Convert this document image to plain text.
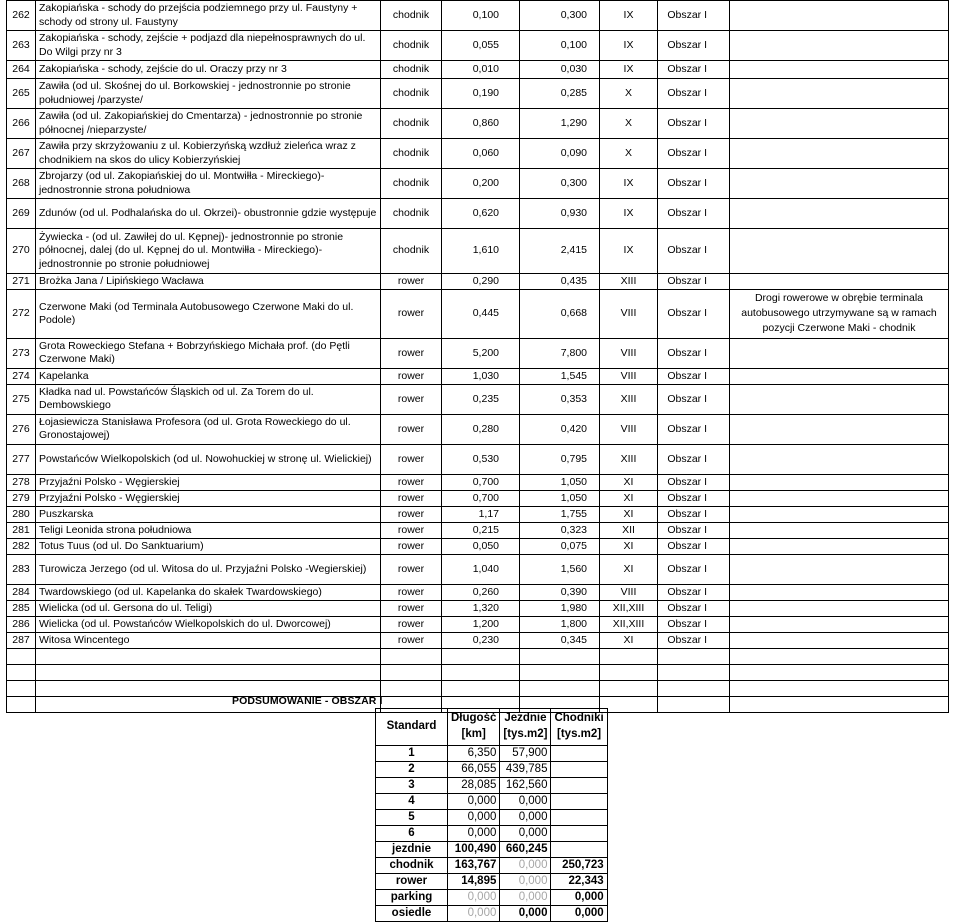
262	Zakopiańska - schody do przejścia podziemnego przy ul. Faustyny + schody od strony ul. Faustyny	chodnik	0,100	0,300	IX	Obszar I	
263	Zakopiańska - schody, zejście + podjazd dla niepełnosprawnych do ul. Do Wilgi przy nr 3	chodnik	0,055	0,100	IX	Obszar I	
264	Zakopiańska - schody, zejście do ul. Oraczy przy nr 3	chodnik	0,010	0,030	IX	Obszar I	
265	Zawiła (od ul. Skośnej do ul. Borkowskiej - jednostronnie po stronie południowej /parzyste/	chodnik	0,190	0,285	X	Obszar I	
266	Zawiła (od ul. Zakopiańskiej do Cmentarza) - jednostronnie po stronie północnej /nieparzyste/	chodnik	0,860	1,290	X	Obszar I	
267	Zawiła przy skrzyżowaniu z ul. Kobierzyńską wzdłuż zieleńca wraz z chodnikiem na skos do ulicy Kobierzyńskiej	chodnik	0,060	0,090	X	Obszar I	
268	Zbrojarzy (od ul. Zakopiańskiej do ul. Montwiłła - Mireckiego)- jednostronnie strona południowa	chodnik	0,200	0,300	IX	Obszar I	
269	Zdunów (od ul. Podhalańska do ul. Okrzei)- obustronnie gdzie występuje	chodnik	0,620	0,930	IX	Obszar I	
270	Żywiecka - (od ul. Zawiłej do ul. Kępnej)- jednostronnie po stronie północnej, dalej (do ul. Kępnej do ul. Montwiłła - Mireckiego)- jednostronnie po stronie południowej	chodnik	1,610	2,415	IX	Obszar I	
271	Brożka Jana / Lipińskiego Wacława	rower	0,290	0,435	XIII	Obszar I	
272	Czerwone Maki (od Terminala Autobusowego Czerwone Maki do ul. Podole)	rower	0,445	0,668	VIII	Obszar I	Drogi rowerowe w obrębie terminala autobusowego utrzymywane są w ramach pozycji Czerwone Maki - chodnik
273	Grota Roweckiego Stefana + Bobrzyńskiego Michała prof. (do Pętli Czerwone Maki)	rower	5,200	7,800	VIII	Obszar I	
274	Kapelanka	rower	1,030	1,545	VIII	Obszar I	
275	Kładka nad ul. Powstańców Śląskich od ul. Za Torem do ul. Dembowskiego	rower	0,235	0,353	XIII	Obszar I	
276	Łojasiewicza Stanisława Profesora (od ul. Grota Roweckiego do ul. Gronostajowej)	rower	0,280	0,420	VIII	Obszar I	
277	Powstańców Wielkopolskich (od ul. Nowohuckiej w stronę ul. Wielickiej)	rower	0,530	0,795	XIII	Obszar I	
278	Przyjaźni Polsko - Węgierskiej	rower	0,700	1,050	XI	Obszar I	
279	Przyjaźni Polsko - Węgierskiej	rower	0,700	1,050	XI	Obszar I	
280	Puszkarska	rower	1,17	1,755	XI	Obszar I	
281	Teligi Leonida strona południowa	rower	0,215	0,323	XII	Obszar I	
282	Totus Tuus (od ul. Do Sanktuarium)	rower	0,050	0,075	XI	Obszar I	
283	Turowicza Jerzego (od ul. Witosa do ul. Przyjaźni Polsko -Wegierskiej)	rower	1,040	1,560	XI	Obszar I	
284	Twardowskiego (od ul. Kapelanka do skałek Twardowskiego)	rower	0,260	0,390	VIII	Obszar I	
285	Wielicka (od ul. Gersona do ul. Teligi)	rower	1,320	1,980	XII,XIII	Obszar I	
286	Wielicka (od ul. Powstańców Wielkopolskich do ul. Dworcowej)	rower	1,200	1,800	XII,XIII	Obszar I	
287	Witosa Wincentego	rower	0,230	0,345	XI	Obszar I	

PODSUMOWANIE - OBSZAR I
Standard	Długość [km]	Jezdnie [tys.m2]	Chodniki [tys.m2]
1	6,350	57,900	
2	66,055	439,785	
3	28,085	162,560	
4	0,000	0,000	
5	0,000	0,000	
6	0,000	0,000	
jezdnie	100,490	660,245	
chodnik	163,767	0,000	250,723
rower	14,895	0,000	22,343
parking	0,000	0,000	0,000
osiedle	0,000	0,000	0,000
